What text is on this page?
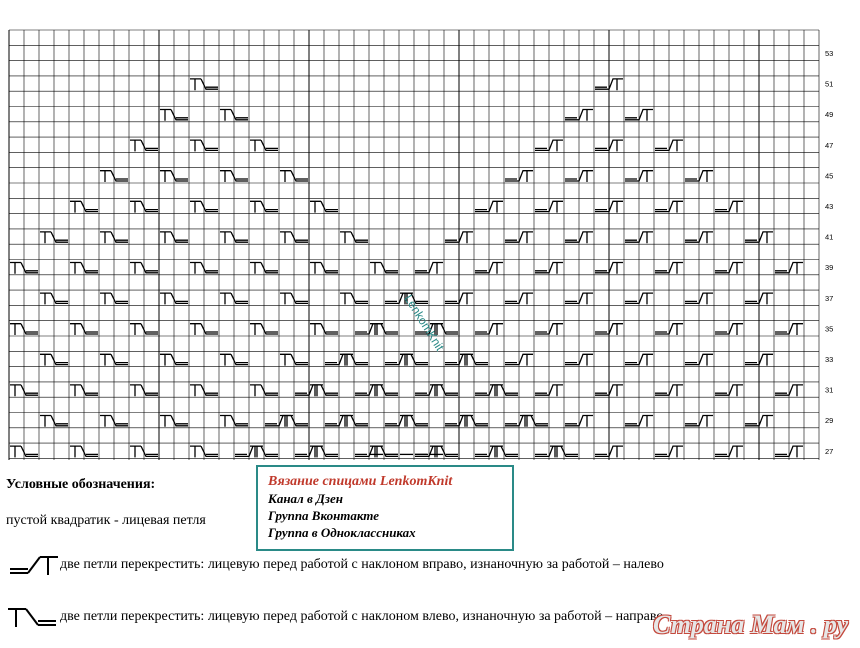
27
29
31
33
35
37
39
41
43
45
47
49
51
53
LenkomKnit
Условные обозначения:
пустой квадратик - лицевая петля
две петли перекрестить: лицевую перед работой с наклоном вправо, изнаночную за работой – налево
две петли перекрестить: лицевую перед работой с наклоном влево, изнаночную за работой – направо
Вязание спицами LenkomKnit
Канал в Дзен
Группа Вконтакте
Группа в Одноклассниках
Страна Мам . ру
